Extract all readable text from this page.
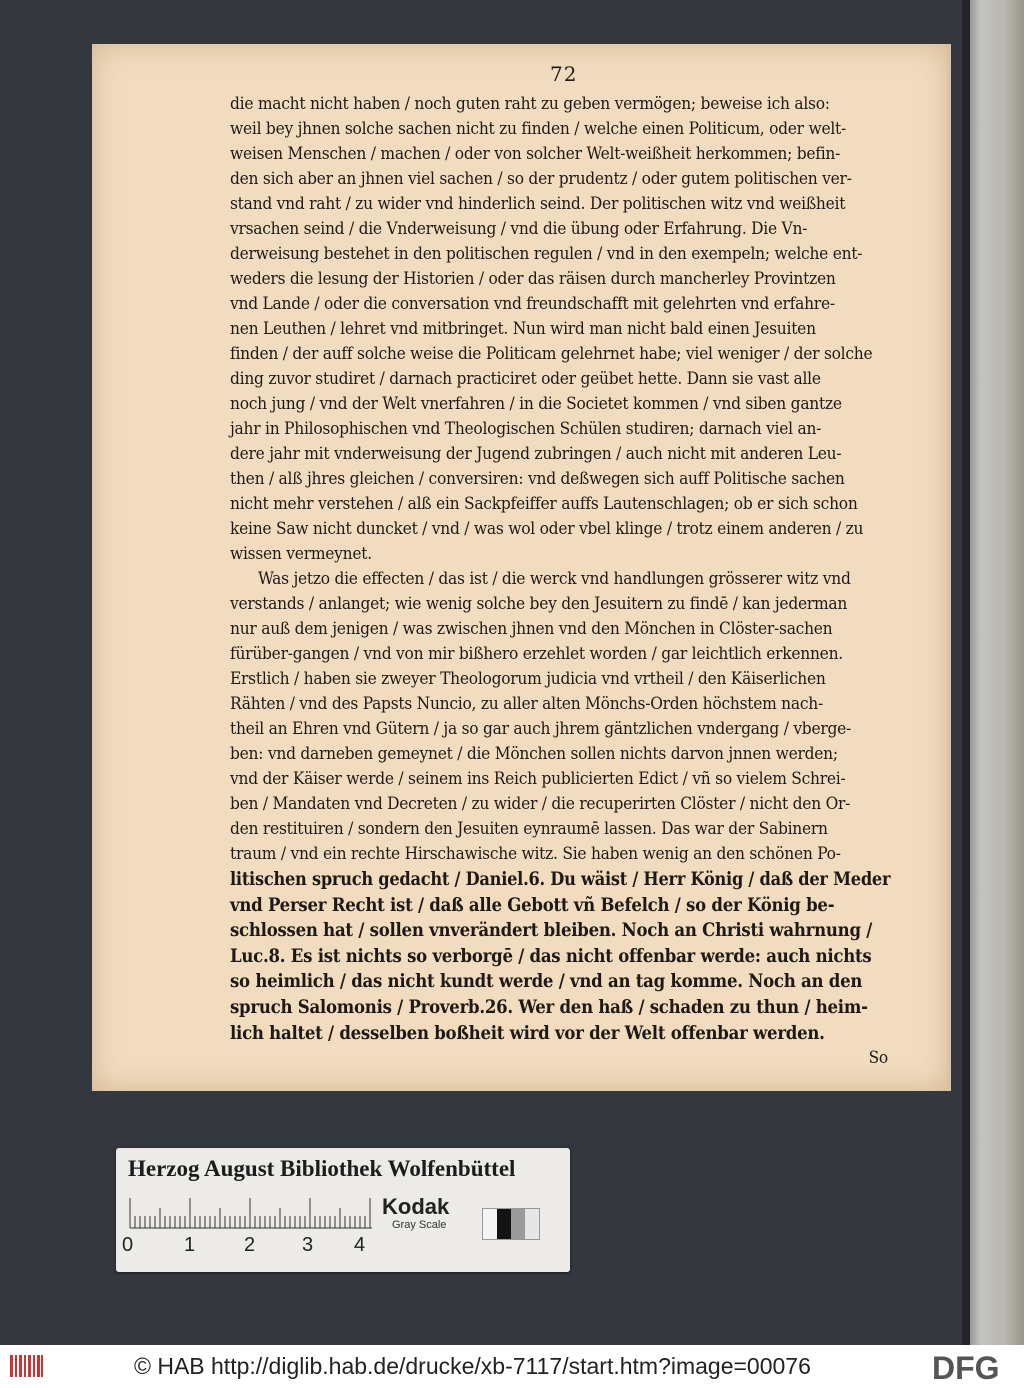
72
die macht nicht haben / noch guten raht zu geben vermögen; beweise ich also:
weil bey jhnen solche sachen nicht zu finden / welche einen Politicum, oder welt-
weisen Menschen / machen / oder von solcher Welt-weißheit herkommen; befin-
den sich aber an jhnen viel sachen / so der prudentz / oder gutem politischen ver-
stand vnd raht / zu wider vnd hinderlich seind. Der politischen witz vnd weißheit
vrsachen seind / die Vnderweisung / vnd die übung oder Erfahrung. Die Vn-
derweisung bestehet in den politischen regulen / vnd in den exempeln; welche ent-
weders die lesung der Historien / oder das räisen durch mancherley Provintzen
vnd Lande / oder die conversation vnd freundschafft mit gelehrten vnd erfahre-
nen Leuthen / lehret vnd mitbringet. Nun wird man nicht bald einen Jesuiten
finden / der auff solche weise die Politicam gelehrnet habe; viel weniger / der solche
ding zuvor studiret / darnach practiciret oder geübet hette. Dann sie vast alle
noch jung / vnd der Welt vnerfahren / in die Societet kommen / vnd siben gantze
jahr in Philosophischen vnd Theologischen Schülen studiren; darnach viel an-
dere jahr mit vnderweisung der Jugend zubringen / auch nicht mit anderen Leu-
then / alß jhres gleichen / conversiren: vnd deßwegen sich auff Politische sachen
nicht mehr verstehen / alß ein Sackpfeiffer auffs Lautenschlagen; ob er sich schon
keine Saw nicht duncket / vnd / was wol oder vbel klinge / trotz einem anderen / zu
wissen vermeynet.
Was jetzo die effecten / das ist / die werck vnd handlungen grösserer witz vnd
verstands / anlanget; wie wenig solche bey den Jesuitern zu findē / kan jederman
nur auß dem jenigen / was zwischen jhnen vnd den Mönchen in Clöster-sachen
fürüber-gangen / vnd von mir bißhero erzehlet worden / gar leichtlich erkennen.
Erstlich / haben sie zweyer Theologorum judicia vnd vrtheil / den Käiserlichen
Rähten / vnd des Papsts Nuncio, zu aller alten Mönchs-Orden höchstem nach-
theil an Ehren vnd Gütern / ja so gar auch jhrem gäntzlichen vndergang / vberge-
ben: vnd darneben gemeynet / die Mönchen sollen nichts darvon jnnen werden;
vnd der Käiser werde / seinem ins Reich publicierten Edict / vñ so vielem Schrei-
ben / Mandaten vnd Decreten / zu wider / die recuperirten Clöster / nicht den Or-
den restituiren / sondern den Jesuiten eynraumē lassen. Das war der Sabinern
traum / vnd ein rechte Hirschawische witz. Sie haben wenig an den schönen Po-
litischen spruch gedacht / Daniel.6. Du wäist / Herr König / daß der Meder
vnd Perser Recht ist / daß alle Gebott vñ Befelch / so der König be-
schlossen hat / sollen vnverändert bleiben. Noch an Christi wahrnung /
Luc.8. Es ist nichts so verborgē / das nicht offenbar werde: auch nichts
so heimlich / das nicht kundt werde / vnd an tag komme. Noch an den
spruch Salomonis / Proverb.26. Wer den haß / schaden zu thun / heim-
lich haltet / desselben boßheit wird vor der Welt offenbar werden.
So
Herzog August Bibliothek Wolfenbüttel
Kodak
Gray Scale
0	1 2 3 4
© HAB http://diglib.hab.de/drucke/xb-7117/start.htm?image=00076	DFG
